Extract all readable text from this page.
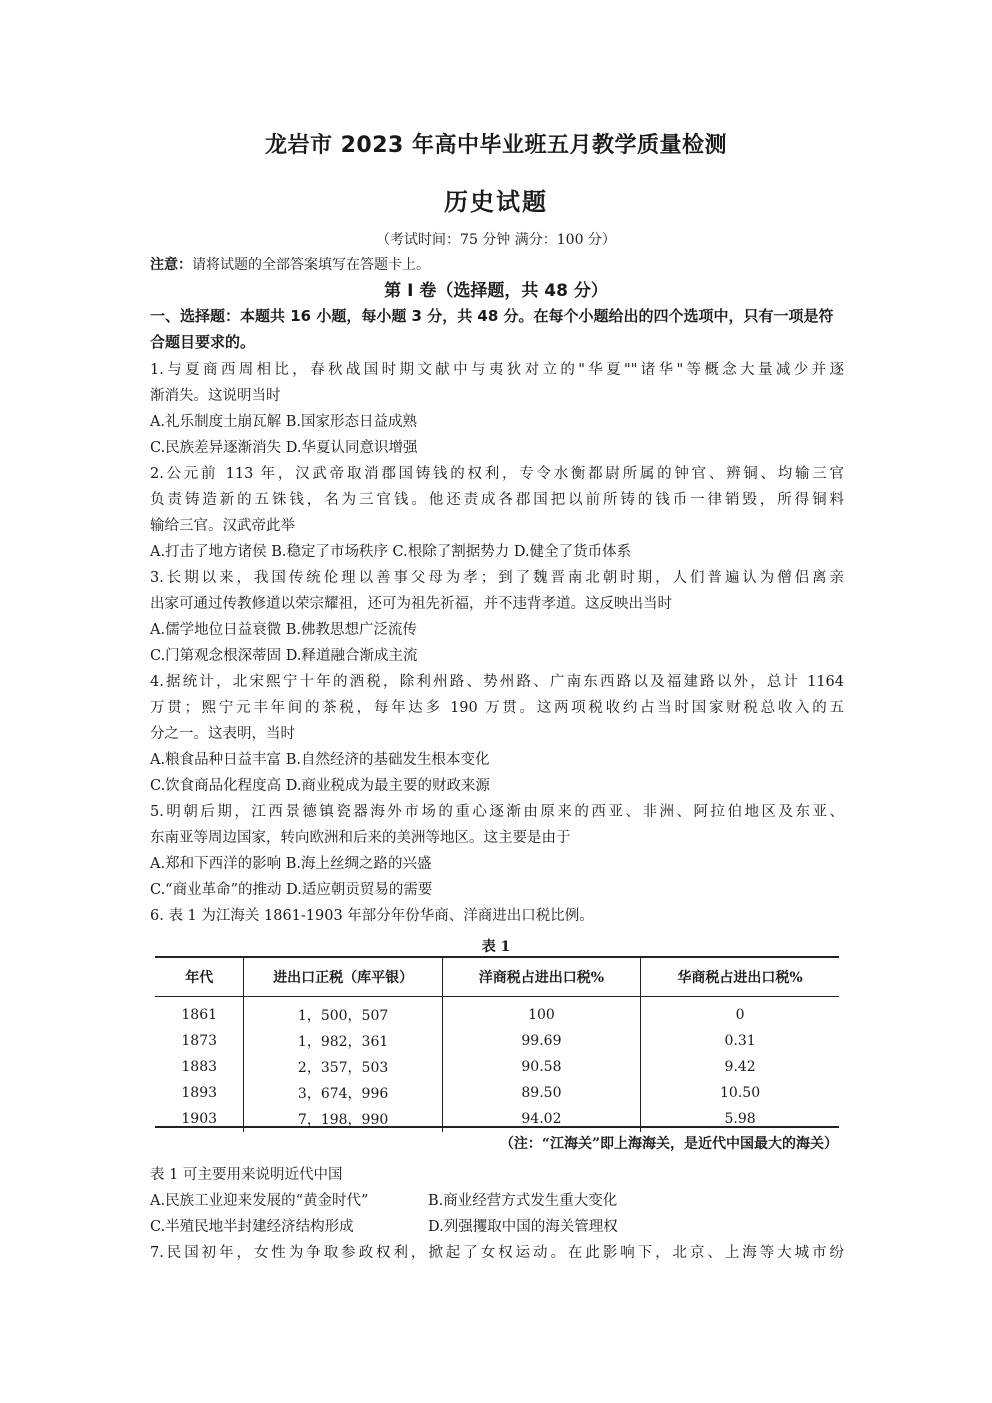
龙岩市 2023 年高中毕业班五月教学质量检测
历史试题
（考试时间：75 分钟 满分：100 分）
注意：请将试题的全部答案填写在答题卡上。
第 I 卷（选择题，共 48 分）
一、选择题：本题共 16 小题，每小题 3 分，共 48 分。在每个小题给出的四个选项中，只有一项是符合题目要求的。
1.与夏商西周相比，春秋战国时期文献中与夷狄对立的"华夏""诸华"等概念大量减少并逐
渐消失。这说明当时
A.礼乐制度土崩瓦解 B.国家形态日益成熟
C.民族差异逐渐消失 D.华夏认同意识增强
2.公元前 113 年，汉武帝取消郡国铸钱的权利，专令水衡都尉所属的钟官、辨铜、均输三官
负责铸造新的五铢钱，名为三官钱。他还责成各郡国把以前所铸的钱币一律销毁，所得铜料
输给三官。汉武帝此举
A.打击了地方诸侯 B.稳定了市场秩序 C.根除了割据势力 D.健全了货币体系
3.长期以来，我国传统伦理以善事父母为孝；到了魏晋南北朝时期，人们普遍认为僧侣离亲
出家可通过传教修道以荣宗耀祖，还可为祖先祈福，并不违背孝道。这反映出当时
A.儒学地位日益衰微 B.佛教思想广泛流传
C.门第观念根深蒂固 D.释道融合渐成主流
4.据统计，北宋熙宁十年的酒税，除利州路、势州路、广南东西路以及福建路以外，总计 1164
万贯；熙宁元丰年间的茶税，每年达多 190 万贯。这两项税收约占当时国家财税总收入的五
分之一。这表明，当时
A.粮食品种日益丰富 B.自然经济的基础发生根本变化
C.饮食商品化程度高 D.商业税成为最主要的财政来源
5.明朝后期，江西景德镇瓷器海外市场的重心逐渐由原来的西亚、非洲、阿拉伯地区及东亚、
东南亚等周边国家，转向欧洲和后来的美洲等地区。这主要是由于
A.郑和下西洋的影响 B.海上丝绸之路的兴盛
C.“商业革命”的推动 D.适应朝贡贸易的需要
6. 表 1 为江海关 1861-1903 年部分年份华商、洋商进出口税比例。
表 1
年代	进出口正税（库平银）	洋商税占进出口税%	华商税占进出口税%
1861	1，500，507	100	0
1873	1，982，361	99.69	0.31
1883	2，357，503	90.58	9.42
1893	3，674，996	89.50	10.50
1903	7，198，990	94.02	5.98
（注：“江海关”即上海海关，是近代中国最大的海关）
表 1 可主要用来说明近代中国
A.民族工业迎来发展的“黄金时代”	B.商业经营方式发生重大变化
C.半殖民地半封建经济结构形成	D.列强攫取中国的海关管理权
7.民国初年，女性为争取参政权利，掀起了女权运动。在此影响下，北京、上海等大城市纷
